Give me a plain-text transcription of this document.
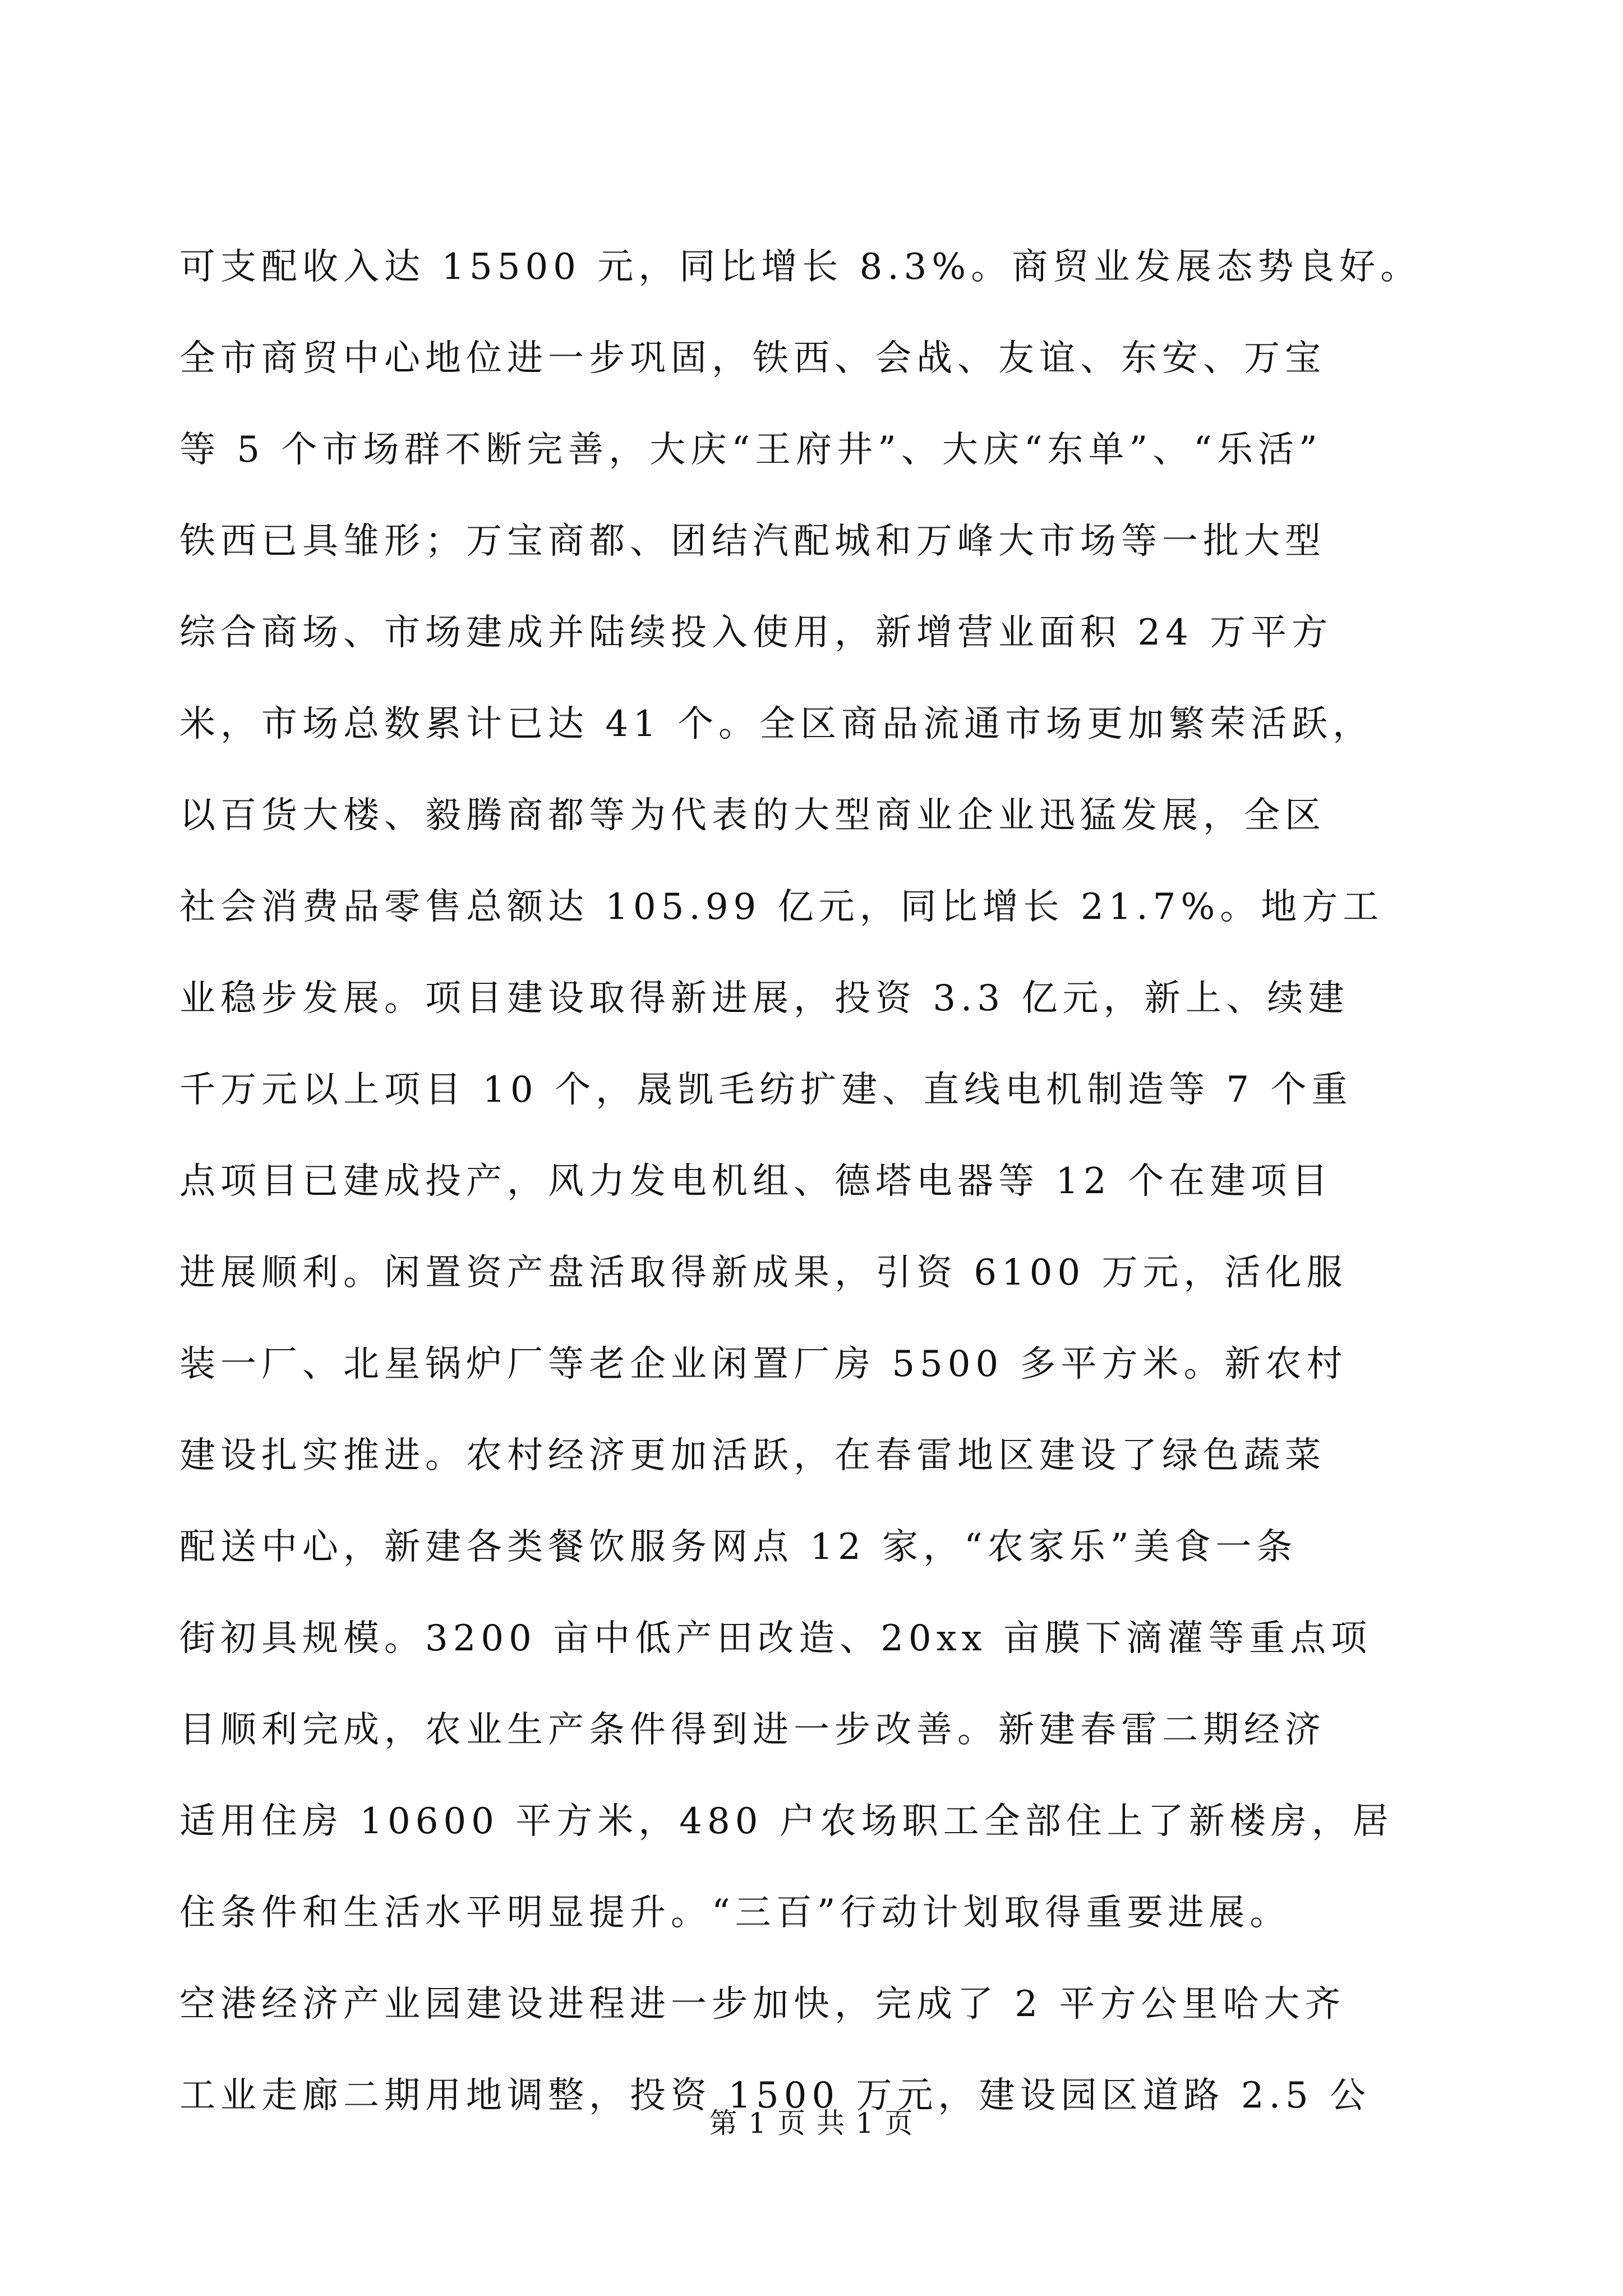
可支配收入达 15500 元，同比增长 8.3%。商贸业发展态势良好。
全市商贸中心地位进一步巩固，铁西、会战、友谊、东安、万宝
等 5 个市场群不断完善，大庆“王府井”、大庆“东单”、“乐活”
铁西已具雏形；万宝商都、团结汽配城和万峰大市场等一批大型
综合商场、市场建成并陆续投入使用，新增营业面积 24 万平方
米，市场总数累计已达 41 个。全区商品流通市场更加繁荣活跃，
以百货大楼、毅腾商都等为代表的大型商业企业迅猛发展，全区
社会消费品零售总额达 105.99 亿元，同比增长 21.7%。地方工
业稳步发展。项目建设取得新进展，投资 3.3 亿元，新上、续建
千万元以上项目 10 个，晟凯毛纺扩建、直线电机制造等 7 个重
点项目已建成投产，风力发电机组、德塔电器等 12 个在建项目
进展顺利。闲置资产盘活取得新成果，引资 6100 万元，活化服
装一厂、北星锅炉厂等老企业闲置厂房 5500 多平方米。新农村
建设扎实推进。农村经济更加活跃，在春雷地区建设了绿色蔬菜
配送中心，新建各类餐饮服务网点 12 家，“农家乐”美食一条
街初具规模。3200 亩中低产田改造、20xx 亩膜下滴灌等重点项
目顺利完成，农业生产条件得到进一步改善。新建春雷二期经济
适用住房 10600 平方米，480 户农场职工全部住上了新楼房，居
住条件和生活水平明显提升。“三百”行动计划取得重要进展。
空港经济产业园建设进程进一步加快，完成了 2 平方公里哈大齐
工业走廊二期用地调整，投资 1500 万元，建设园区道路 2.5 公
第 1 页 共 1 页
